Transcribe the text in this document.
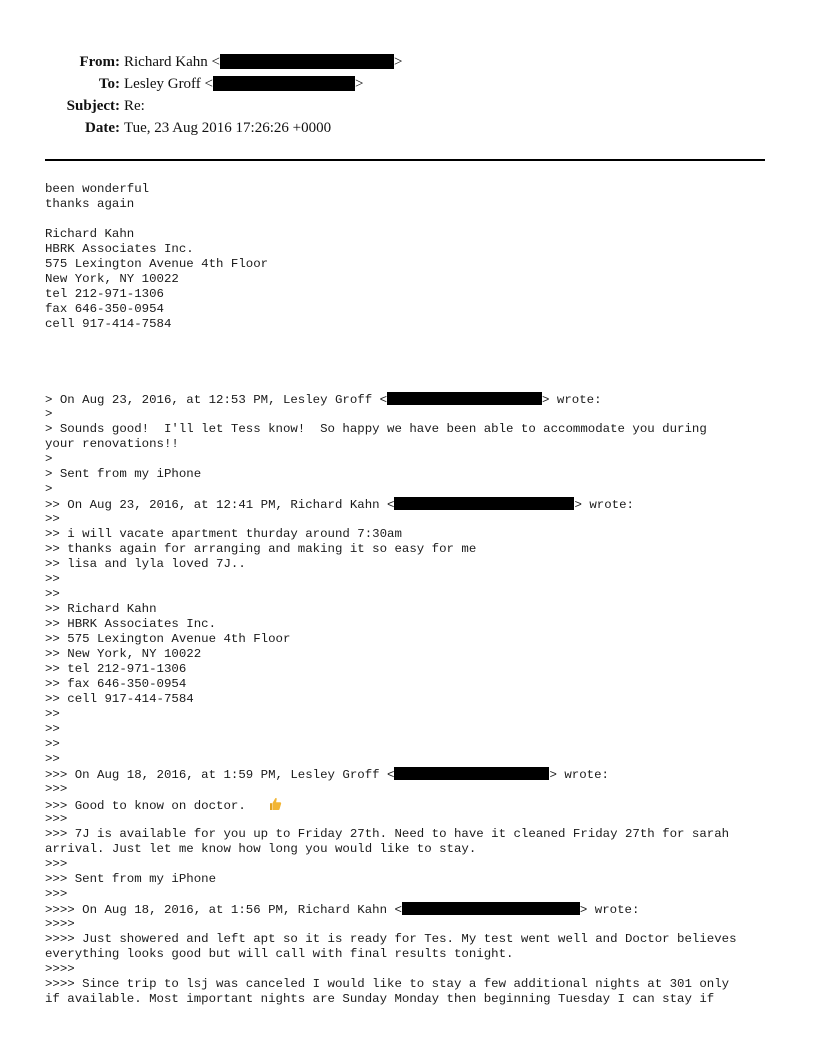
From: Richard Kahn <	>
To: Lesley Groff <	>
Subject: Re:
Date: Tue, 23 Aug 2016 17:26:26 +0000
been wonderful
thanks again
Richard Kahn
HBRK Associates Inc.
575 Lexington Avenue 4th Floor
New York, NY 10022
tel 212-971-1306
fax 646-350-0954
cell 917-414-7584
> On Aug 23, 2016, at 12:53 PM, Lesley Groff <	> wrote:
>
> Sounds good!  I'll let Tess know!  So happy we have been able to accommodate you during
your renovations!!
>
> Sent from my iPhone
>
>> On Aug 23, 2016, at 12:41 PM, Richard Kahn <	> wrote:
>>
>> i will vacate apartment thurday around 7:30am
>> thanks again for arranging and making it so easy for me
>> lisa and lyla loved 7J..
>>
>>
>> Richard Kahn
>> HBRK Associates Inc.
>> 575 Lexington Avenue 4th Floor
>> New York, NY 10022
>> tel 212-971-1306
>> fax 646-350-0954
>> cell 917-414-7584
>>
>>
>>
>>
>>> On Aug 18, 2016, at 1:59 PM, Lesley Groff <	> wrote:
>>>
>>> Good to know on doctor.
>>>
>>> 7J is available for you up to Friday 27th. Need to have it cleaned Friday 27th for sarah
arrival. Just let me know how long you would like to stay.
>>>
>>> Sent from my iPhone
>>>
>>>> On Aug 18, 2016, at 1:56 PM, Richard Kahn <	> wrote:
>>>>
>>>> Just showered and left apt so it is ready for Tes. My test went well and Doctor believes
everything looks good but will call with final results tonight.
>>>>
>>>> Since trip to lsj was canceled I would like to stay a few additional nights at 301 only
if available. Most important nights are Sunday Monday then beginning Tuesday I can stay if
